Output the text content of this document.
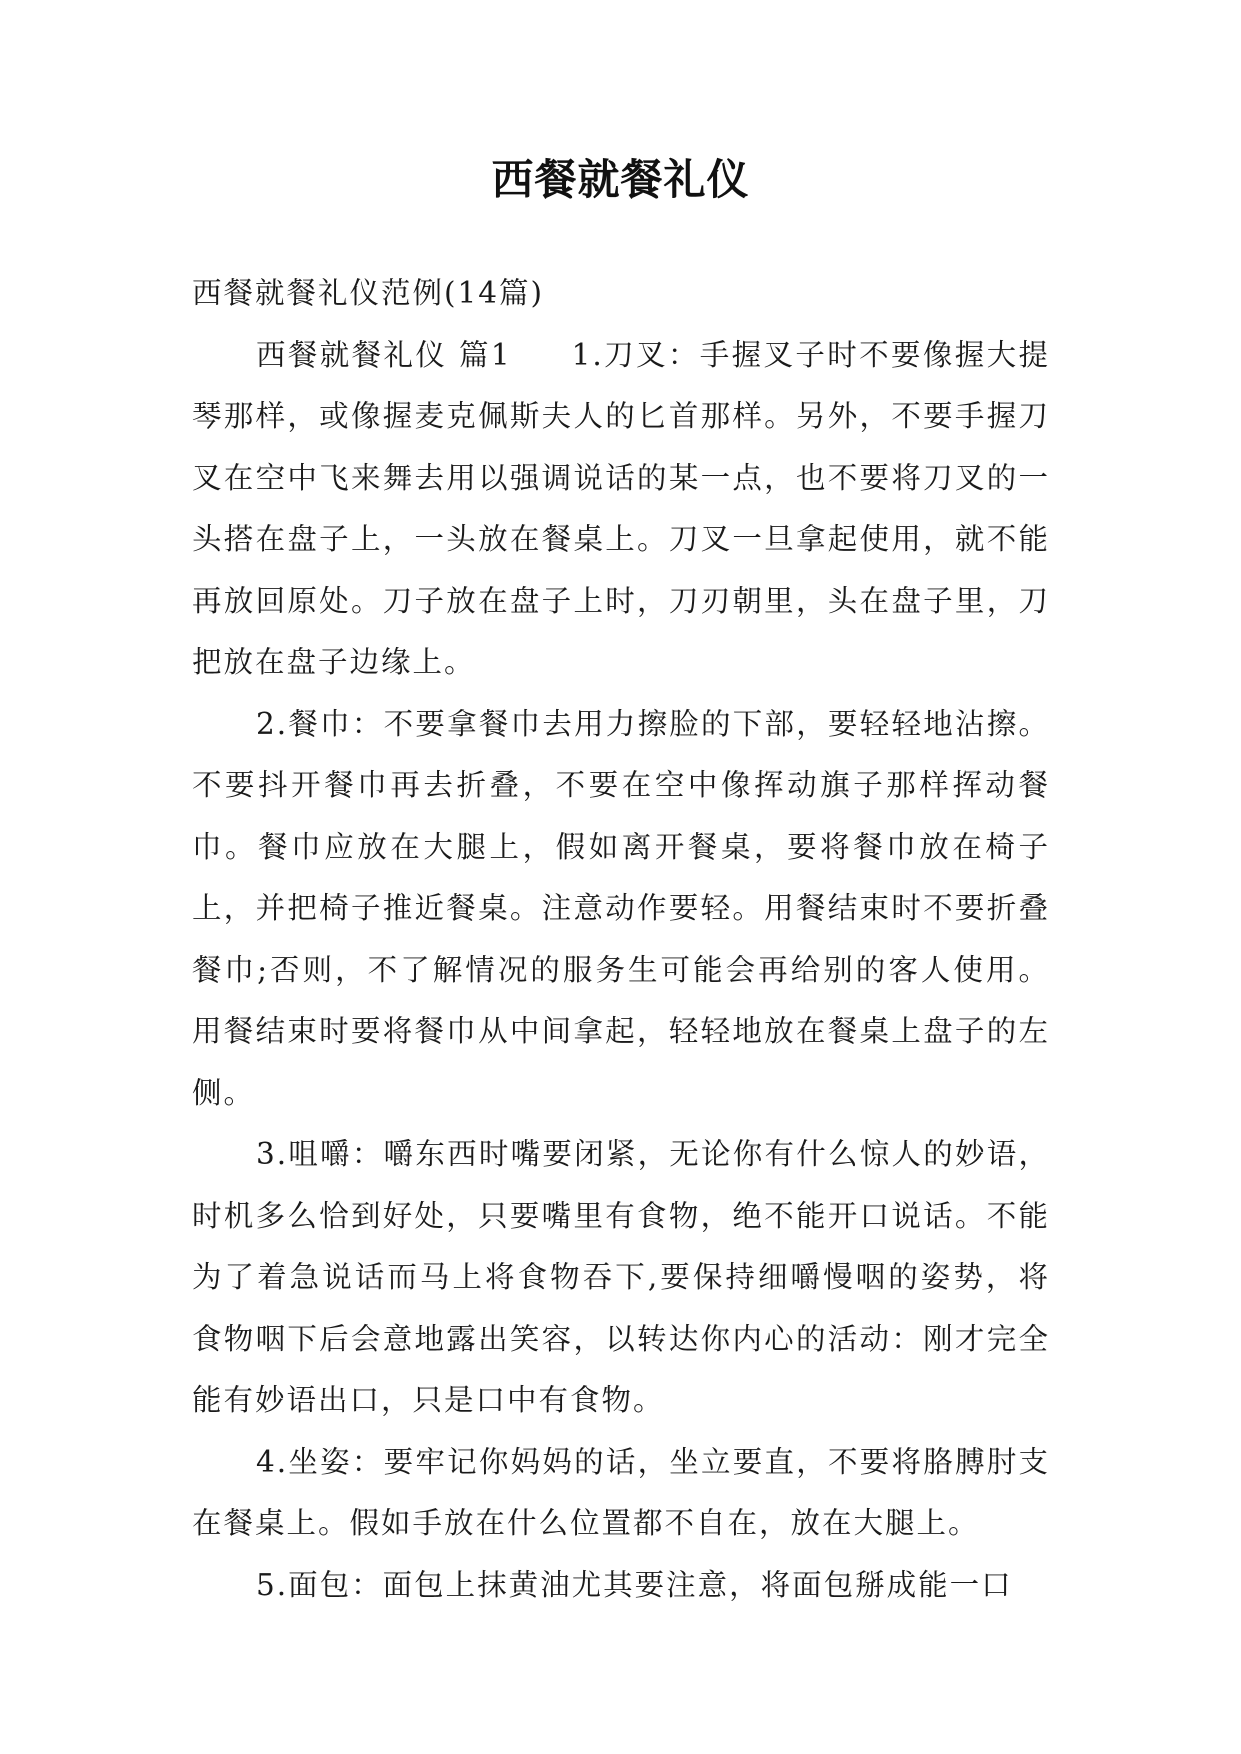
西餐就餐礼仪

西餐就餐礼仪范例(14篇)

西餐就餐礼仪 篇1 1.刀叉：手握叉子时不要像握大提琴那样，或像握麦克佩斯夫人的匕首那样。另外，不要手握刀叉在空中飞来舞去用以强调说话的某一点，也不要将刀叉的一头搭在盘子上，一头放在餐桌上。刀叉一旦拿起使用，就不能再放回原处。刀子放在盘子上时，刀刃朝里，头在盘子里，刀把放在盘子边缘上。

2.餐巾：不要拿餐巾去用力擦脸的下部，要轻轻地沾擦。不要抖开餐巾再去折叠，不要在空中像挥动旗子那样挥动餐巾。餐巾应放在大腿上，假如离开餐桌，要将餐巾放在椅子上，并把椅子推近餐桌。注意动作要轻。用餐结束时不要折叠餐巾;否则，不了解情况的服务生可能会再给别的客人使用。用餐结束时要将餐巾从中间拿起，轻轻地放在餐桌上盘子的左侧。

3.咀嚼：嚼东西时嘴要闭紧，无论你有什么惊人的妙语，时机多么恰到好处，只要嘴里有食物，绝不能开口说话。不能为了着急说话而马上将食物吞下,要保持细嚼慢咽的姿势，将食物咽下后会意地露出笑容，以转达你内心的活动：刚才完全能有妙语出口，只是口中有食物。

4.坐姿：要牢记你妈妈的话，坐立要直，不要将胳膊肘支在餐桌上。假如手放在什么位置都不自在，放在大腿上。

5.面包：面包上抹黄油尤其要注意，将面包掰成能一口
